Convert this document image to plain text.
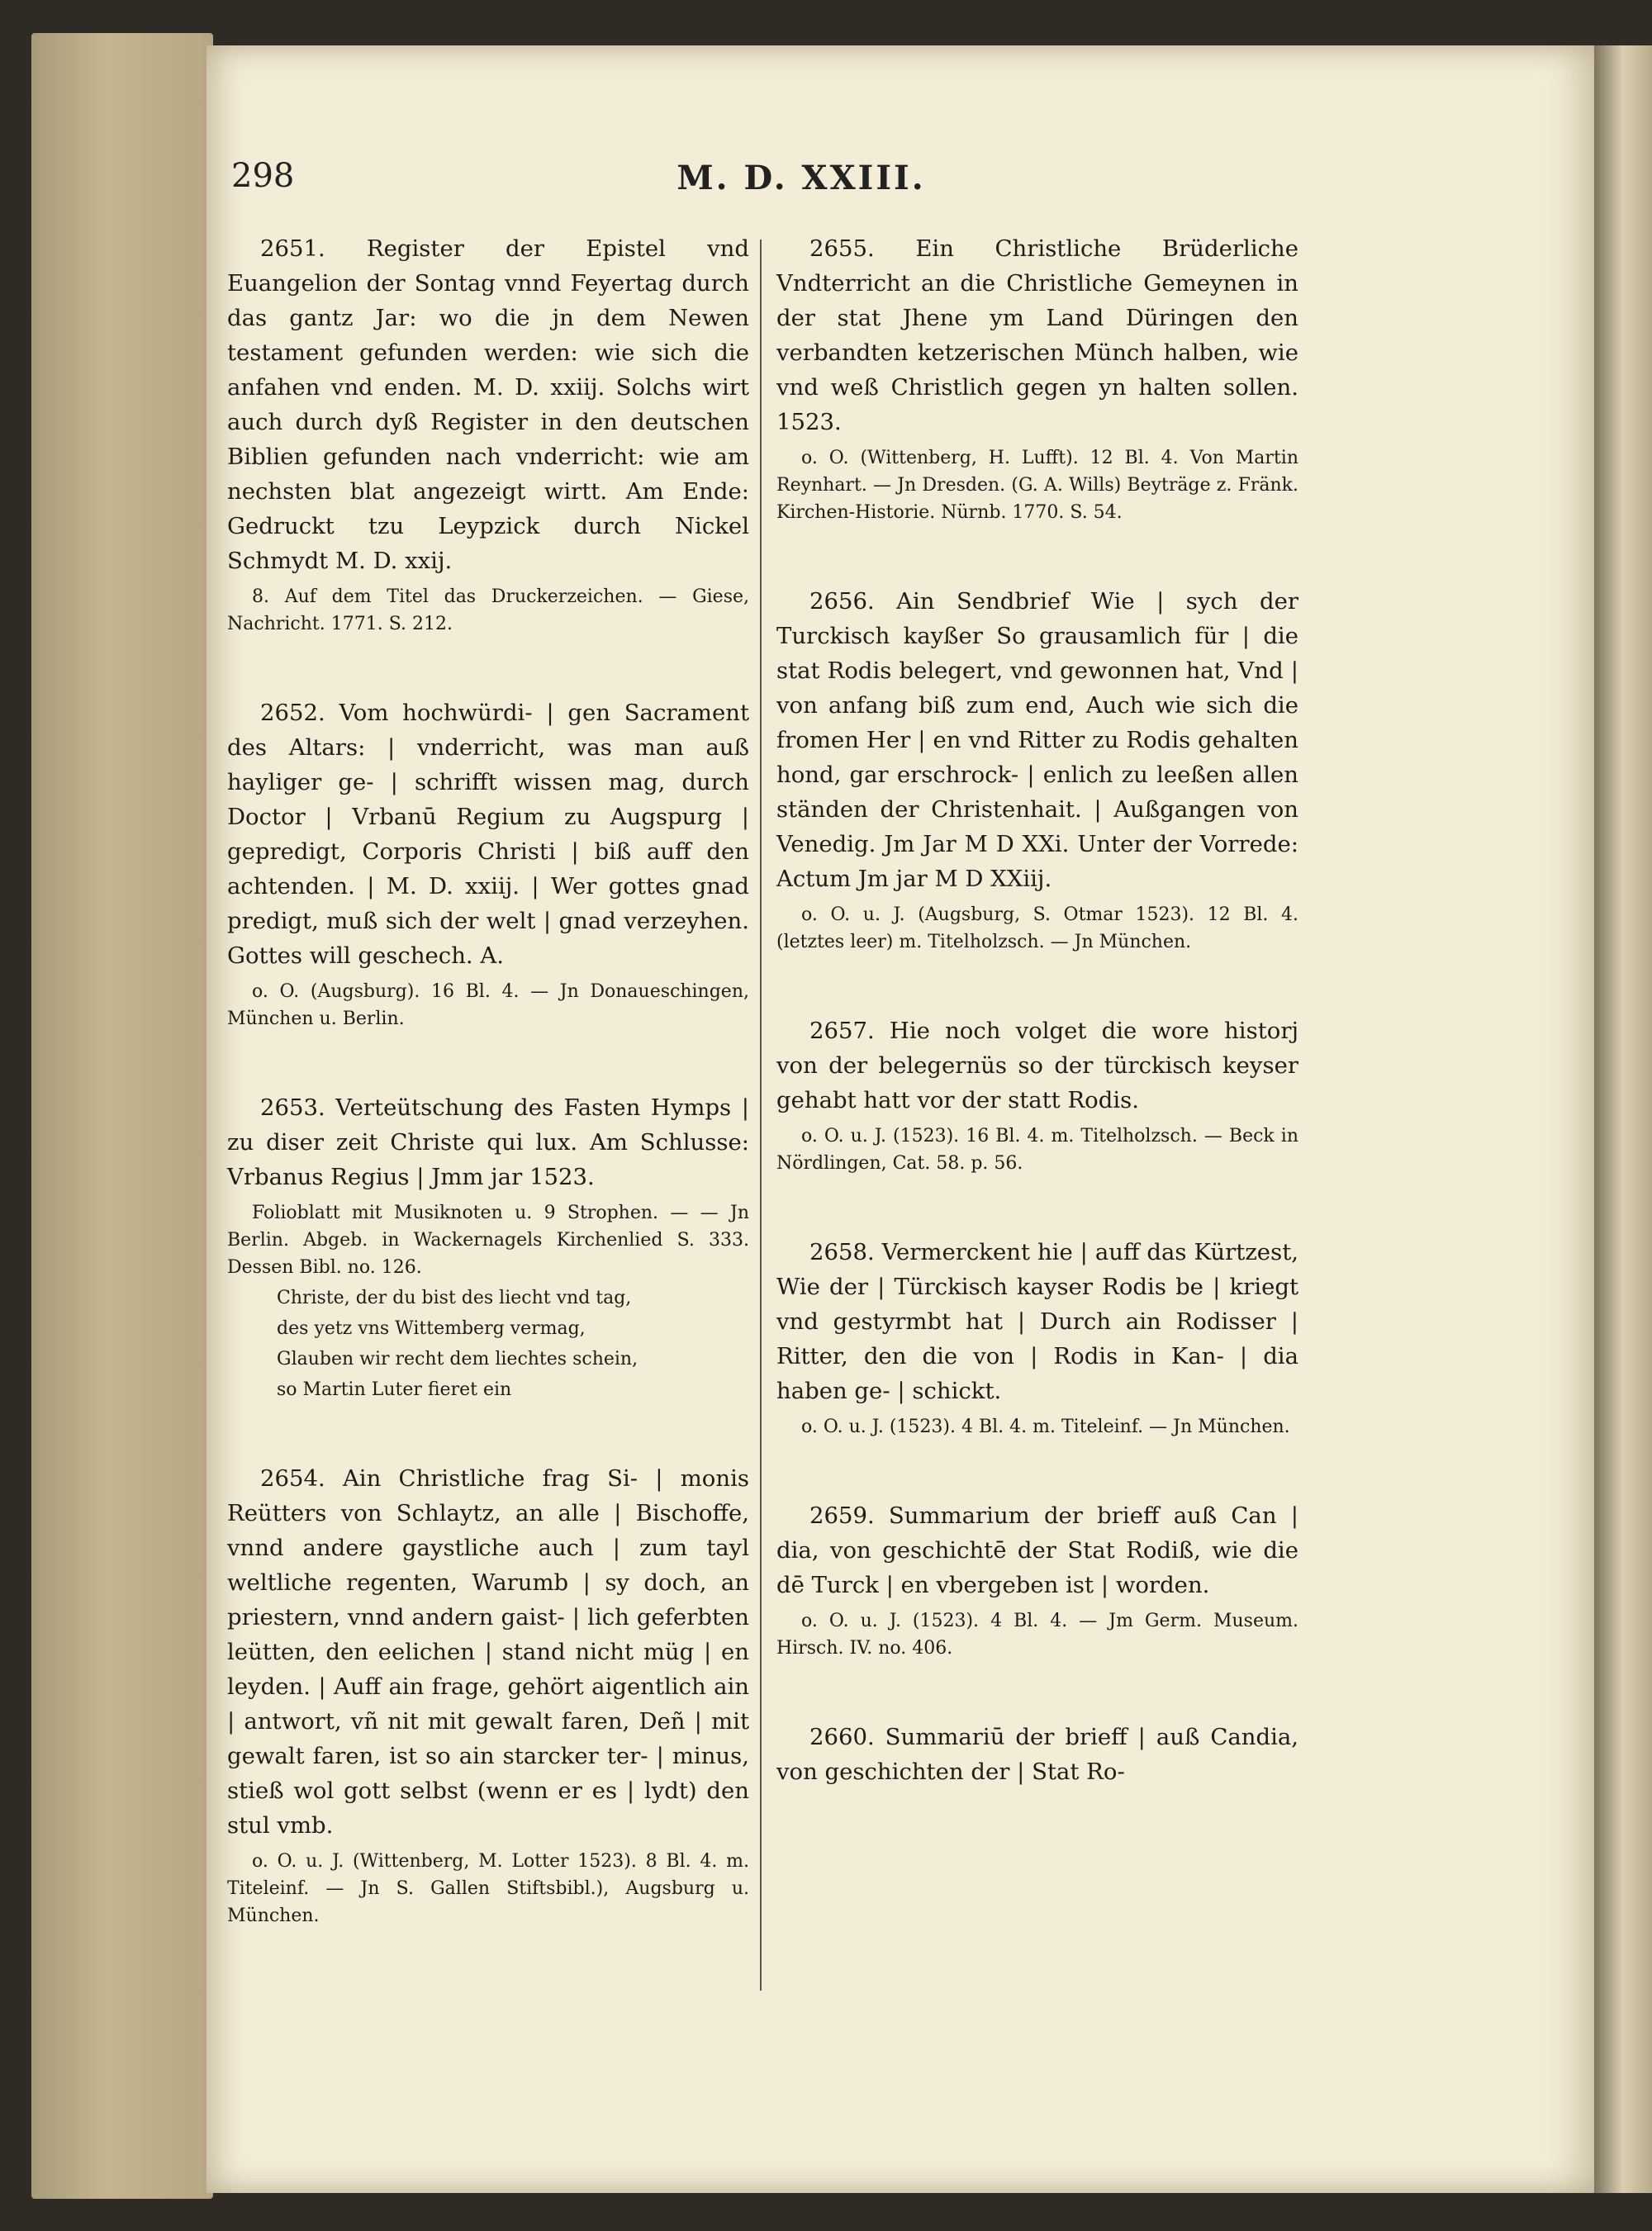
298	M. D. XXIII.

2651. Register der Epistel vnd Euangelion der Sontag vnnd Feyertag durch das gantz Jar: wo die jn dem Newen testament gefunden werden: wie sich die anfahen vnd enden. M. D. xxiij. Solchs wirt auch durch dyß Register in den deutschen Biblien gefunden nach vnderricht: wie am nechsten blat angezeigt wirtt. Am Ende: Gedruckt tzu Leypzick durch Nickel Schmydt M. D. xxij.

8. Auf dem Titel das Druckerzeichen. — Giese, Nachricht. 1771. S. 212.

2652. Vom hochwürdi- | gen Sacrament des Altars: | vnderricht, was man auß hayliger ge- | schrifft wissen mag, durch Doctor | Vrbanū Regium zu Augspurg | gepredigt, Corporis Christi | biß auff den achtenden. | M. D. xxiij. | Wer gottes gnad predigt, muß sich der welt | gnad verzeyhen. Gottes will geschech. A.

o. O. (Augsburg). 16 Bl. 4. — Jn Donaueschingen, München u. Berlin.

2653. Verteütschung des Fasten Hymps | zu diser zeit Christe qui lux. Am Schlusse: Vrbanus Regius | Jmm jar 1523.

Folioblatt mit Musiknoten u. 9 Strophen. — — Jn Berlin. Abgeb. in Wackernagels Kirchenlied S. 333. Dessen Bibl. no. 126.

Christe, der du bist des liecht vnd tag,

des yetz vns Wittemberg vermag,

Glauben wir recht dem liechtes schein,

so Martin Luter fieret ein

2654. Ain Christliche frag Si- | monis Reütters von Schlaytz, an alle | Bischoffe, vnnd andere gaystliche auch | zum tayl weltliche regenten, Warumb | sy doch, an priestern, vnnd andern gaist- | lich geferbten leütten, den eelichen | stand nicht müg | en leyden. | Auff ain frage, gehört aigentlich ain | antwort, vñ nit mit gewalt faren, Deñ | mit gewalt faren, ist so ain starcker ter- | minus, stieß wol gott selbst (wenn er es | lydt) den stul vmb.

o. O. u. J. (Wittenberg, M. Lotter 1523). 8 Bl. 4. m. Titeleinf. — Jn S. Gallen Stiftsbibl.), Augsburg u. München.

2655. Ein Christliche Brüderliche Vndterricht an die Christliche Gemeynen in der stat Jhene ym Land Düringen den verbandten ketzerischen Münch halben, wie vnd weß Christlich gegen yn halten sollen. 1523.

o. O. (Wittenberg, H. Lufft). 12 Bl. 4. Von Martin Reynhart. — Jn Dresden. (G. A. Wills) Beyträge z. Fränk. Kirchen-Historie. Nürnb. 1770. S. 54.

2656. Ain Sendbrief Wie | sych der Turckisch kayßer So grausamlich für | die stat Rodis belegert, vnd gewonnen hat, Vnd | von anfang biß zum end, Auch wie sich die fromen Her | en vnd Ritter zu Rodis gehalten hond, gar erschrock- | enlich zu leeßen allen ständen der Christenhait. | Außgangen von Venedig. Jm Jar M D XXi. Unter der Vorrede: Actum Jm jar M D XXiij.

o. O. u. J. (Augsburg, S. Otmar 1523). 12 Bl. 4. (letztes leer) m. Titelholzsch. — Jn München.

2657. Hie noch volget die wore historj von der belegernüs so der türckisch keyser gehabt hatt vor der statt Rodis.

o. O. u. J. (1523). 16 Bl. 4. m. Titelholzsch. — Beck in Nördlingen, Cat. 58. p. 56.

2658. Vermerckent hie | auff das Kürtzest, Wie der | Türckisch kayser Rodis be | kriegt vnd gestyrmbt hat | Durch ain Rodisser | Ritter, den die von | Rodis in Kan- | dia haben ge- | schickt.

o. O. u. J. (1523). 4 Bl. 4. m. Titeleinf. — Jn München.

2659. Summarium der brieff auß Can | dia, von geschichtē der Stat Rodiß, wie die dē Turck | en vbergeben ist | worden.

o. O. u. J. (1523). 4 Bl. 4. — Jm Germ. Museum. Hirsch. IV. no. 406.

2660. Summariū der brieff | auß Candia, von geschichten der | Stat Ro-
